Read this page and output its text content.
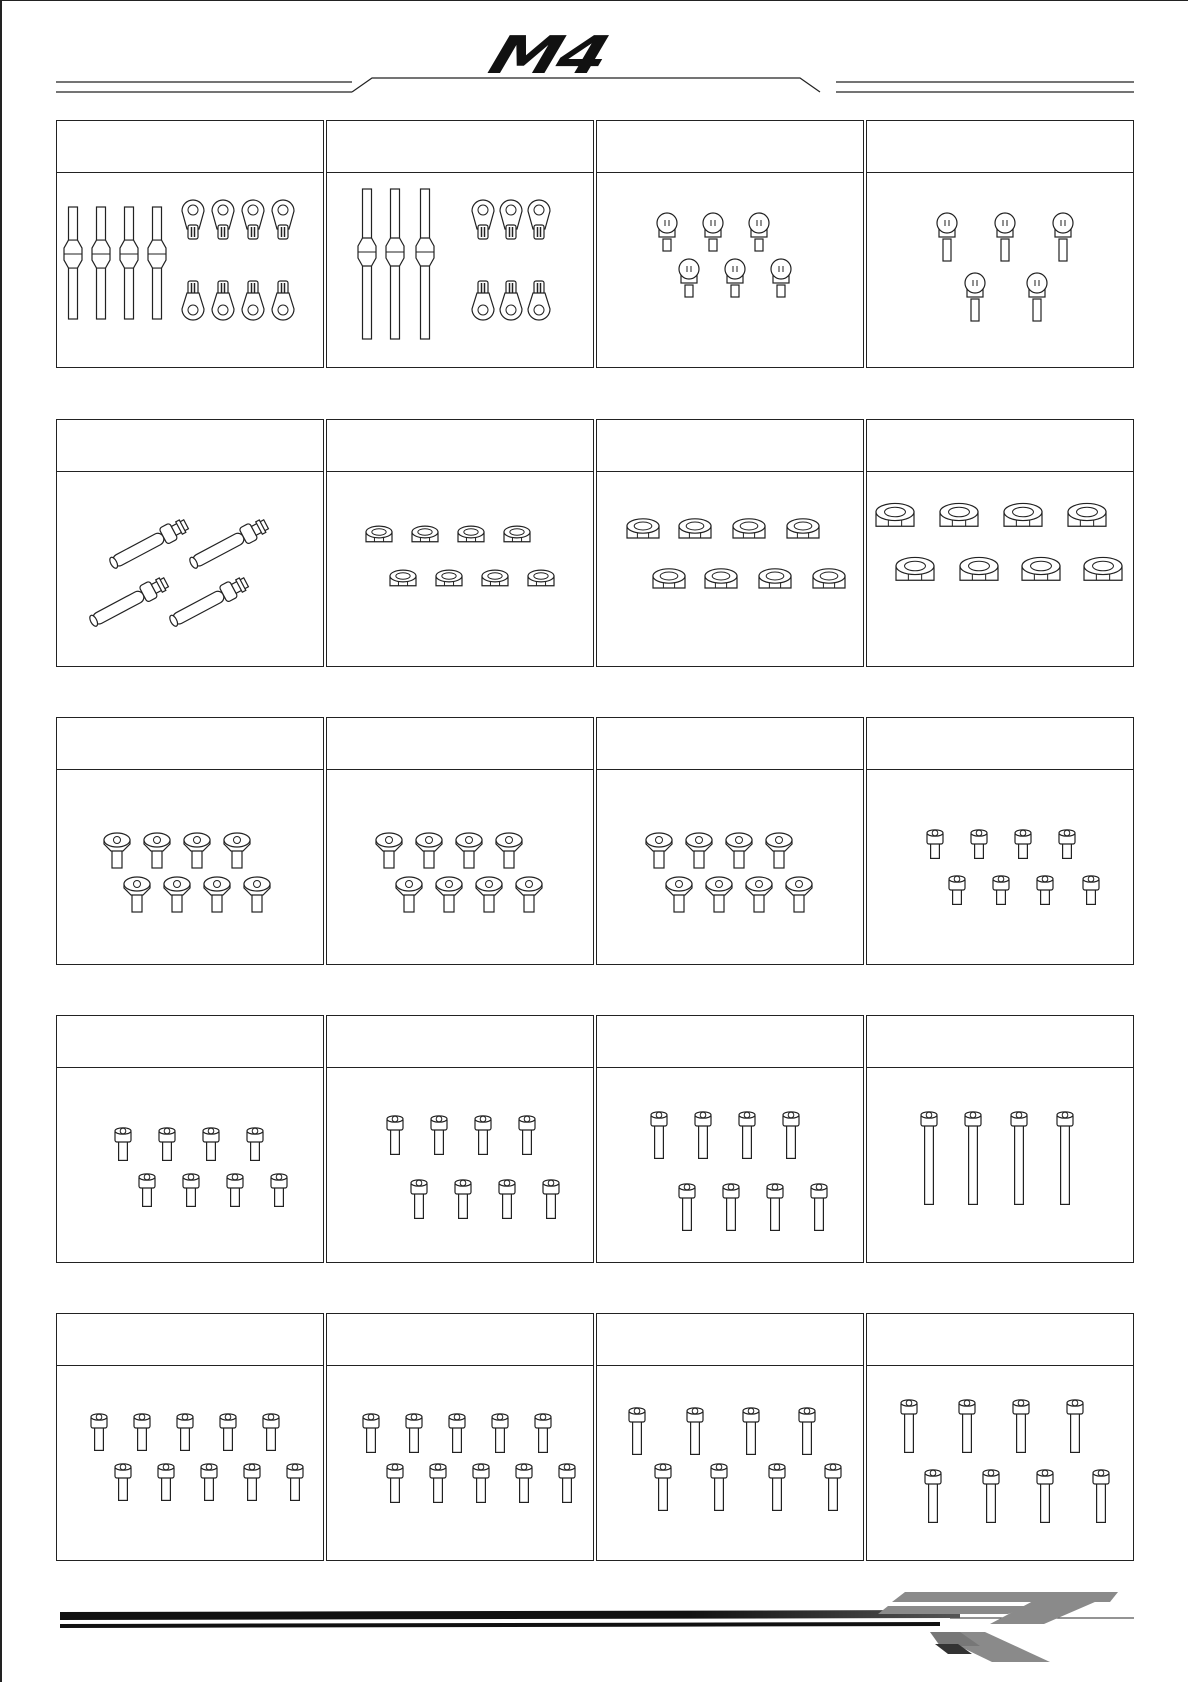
M4
